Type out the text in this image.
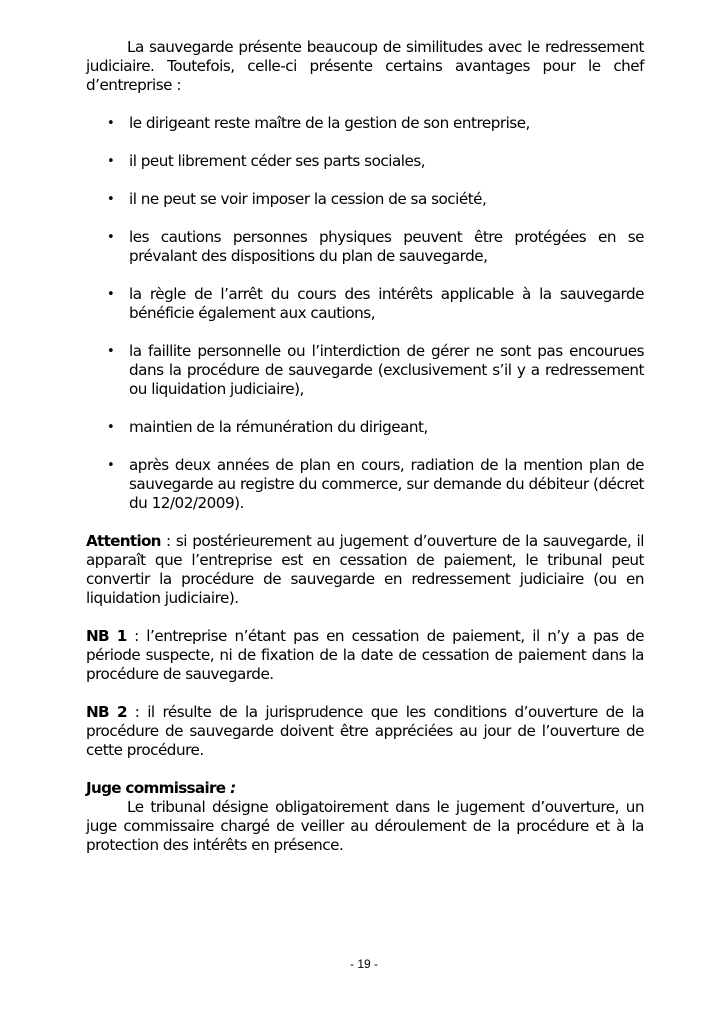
La sauvegarde présente beaucoup de similitudes avec le redressement judiciaire. Toutefois, celle-ci présente certains avantages pour le chef d’entreprise :

• le dirigeant reste maître de la gestion de son entreprise,
• il peut librement céder ses parts sociales,
• il ne peut se voir imposer la cession de sa société,
• les cautions personnes physiques peuvent être protégées en se prévalant des dispositions du plan de sauvegarde,
• la règle de l’arrêt du cours des intérêts applicable à la sauvegarde bénéficie également aux cautions,
• la faillite personnelle ou l’interdiction de gérer ne sont pas encourues dans la procédure de sauvegarde (exclusivement s’il y a redressement ou liquidation judiciaire),
• maintien de la rémunération du dirigeant,
• après deux années de plan en cours, radiation de la mention plan de sauvegarde au registre du commerce, sur demande du débiteur (décret du 12/02/2009).

Attention : si postérieurement au jugement d’ouverture de la sauvegarde, il apparaît que l’entreprise est en cessation de paiement, le tribunal peut convertir la procédure de sauvegarde en redressement judiciaire (ou en liquidation judiciaire).

NB 1 : l’entreprise n’étant pas en cessation de paiement, il n’y a pas de période suspecte, ni de fixation de la date de cessation de paiement dans la procédure de sauvegarde.

NB 2 : il résulte de la jurisprudence que les conditions d’ouverture de la procédure de sauvegarde doivent être appréciées au jour de l’ouverture de cette procédure.

Juge commissaire :

Le tribunal désigne obligatoirement dans le jugement d’ouverture, un juge commissaire chargé de veiller au déroulement de la procédure et à la protection des intérêts en présence.

- 19 -
